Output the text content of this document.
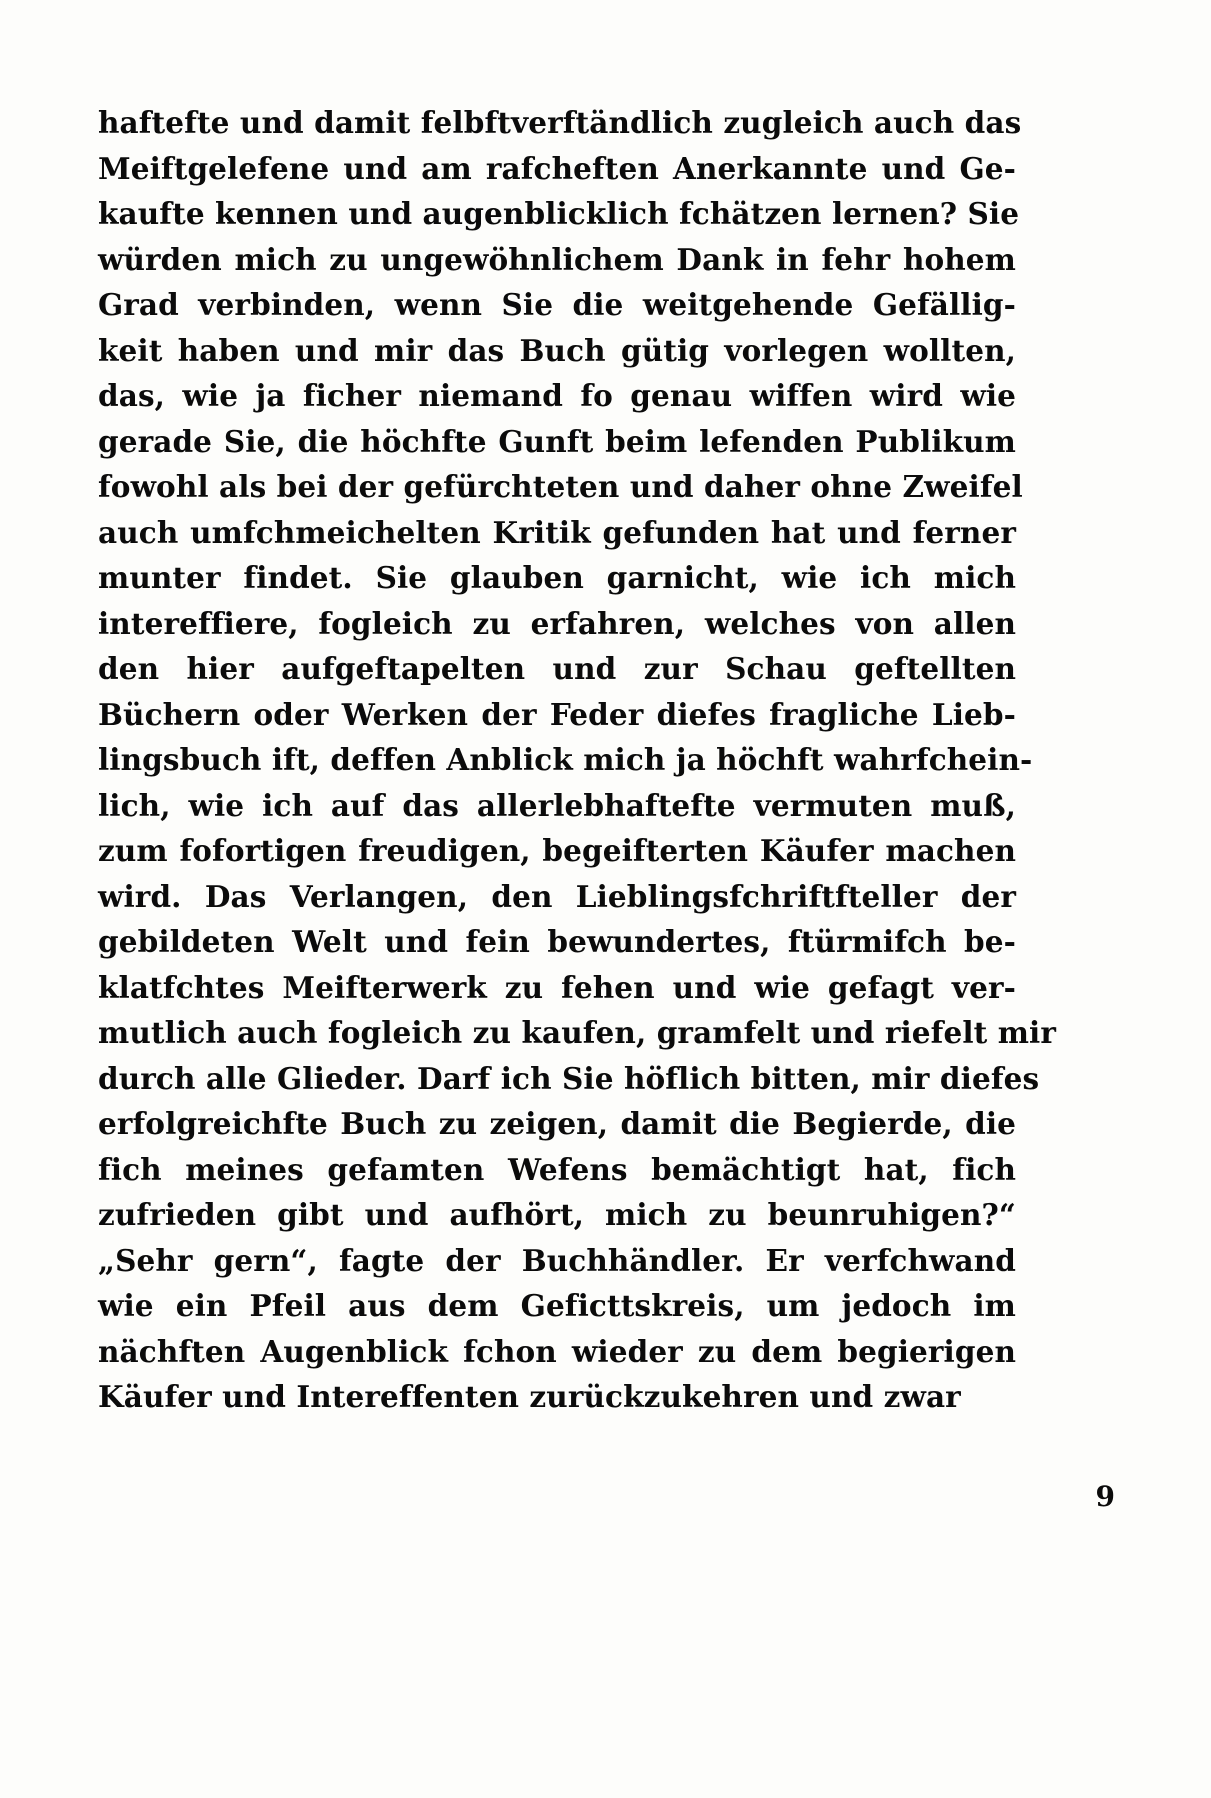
haftefte und damit felbftverftändlich zugleich auch das
Meiftgelefene und am rafcheften Anerkannte und Ge-
kaufte kennen und augenblicklich fchätzen lernen? Sie
würden mich zu ungewöhnlichem Dank in fehr hohem
Grad verbinden, wenn Sie die weitgehende Gefällig-
keit haben und mir das Buch gütig vorlegen wollten,
das, wie ja ficher niemand fo genau wiffen wird wie
gerade Sie, die höchfte Gunft beim lefenden Publikum
fowohl als bei der gefürchteten und daher ohne Zweifel
auch umfchmeichelten Kritik gefunden hat und ferner
munter findet. Sie glauben garnicht, wie ich mich
intereffiere, fogleich zu erfahren, welches von allen
den hier aufgeftapelten und zur Schau geftellten
Büchern oder Werken der Feder diefes fragliche Lieb-
lingsbuch ift, deffen Anblick mich ja höchft wahrfchein-
lich, wie ich auf das allerlebhaftefte vermuten muß,
zum fofortigen freudigen, begeifterten Käufer machen
wird. Das Verlangen, den Lieblingsfchriftfteller der
gebildeten Welt und fein bewundertes, ftürmifch be-
klatfchtes Meifterwerk zu fehen und wie gefagt ver-
mutlich auch fogleich zu kaufen, gramfelt und riefelt mir
durch alle Glieder. Darf ich Sie höflich bitten, mir diefes
erfolgreichfte Buch zu zeigen, damit die Begierde, die
fich meines gefamten Wefens bemächtigt hat, fich
zufrieden gibt und aufhört, mich zu beunruhigen?“
„Sehr gern“, fagte der Buchhändler. Er verfchwand
wie ein Pfeil aus dem Geficttskreis, um jedoch im
nächften Augenblick fchon wieder zu dem begierigen
Käufer und Intereffenten zurückzukehren und zwar
9
